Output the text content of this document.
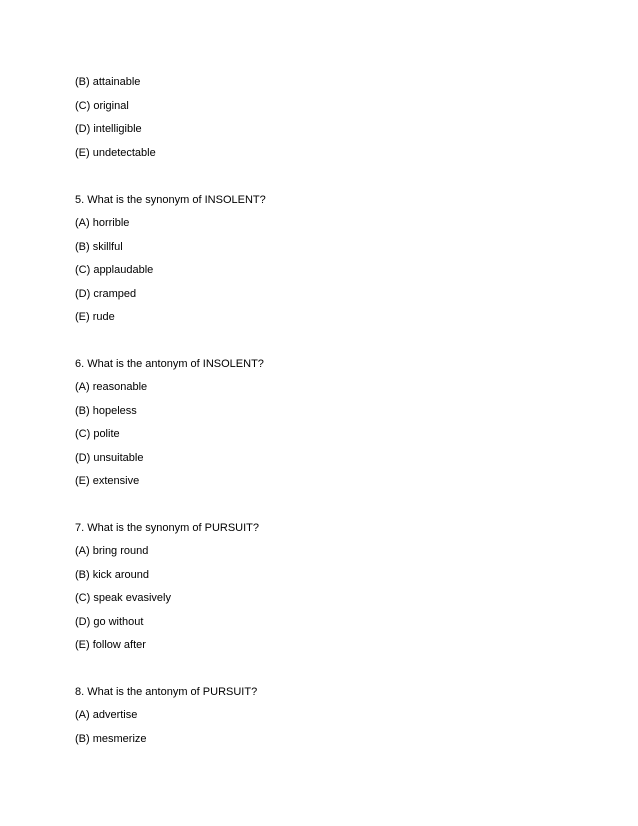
(B) attainable
(C) original
(D) intelligible
(E) undetectable
5. What is the synonym of INSOLENT?
(A) horrible
(B) skillful
(C) applaudable
(D) cramped
(E) rude
6. What is the antonym of INSOLENT?
(A) reasonable
(B) hopeless
(C) polite
(D) unsuitable
(E) extensive
7. What is the synonym of PURSUIT?
(A) bring round
(B) kick around
(C) speak evasively
(D) go without
(E) follow after
8. What is the antonym of PURSUIT?
(A) advertise
(B) mesmerize
